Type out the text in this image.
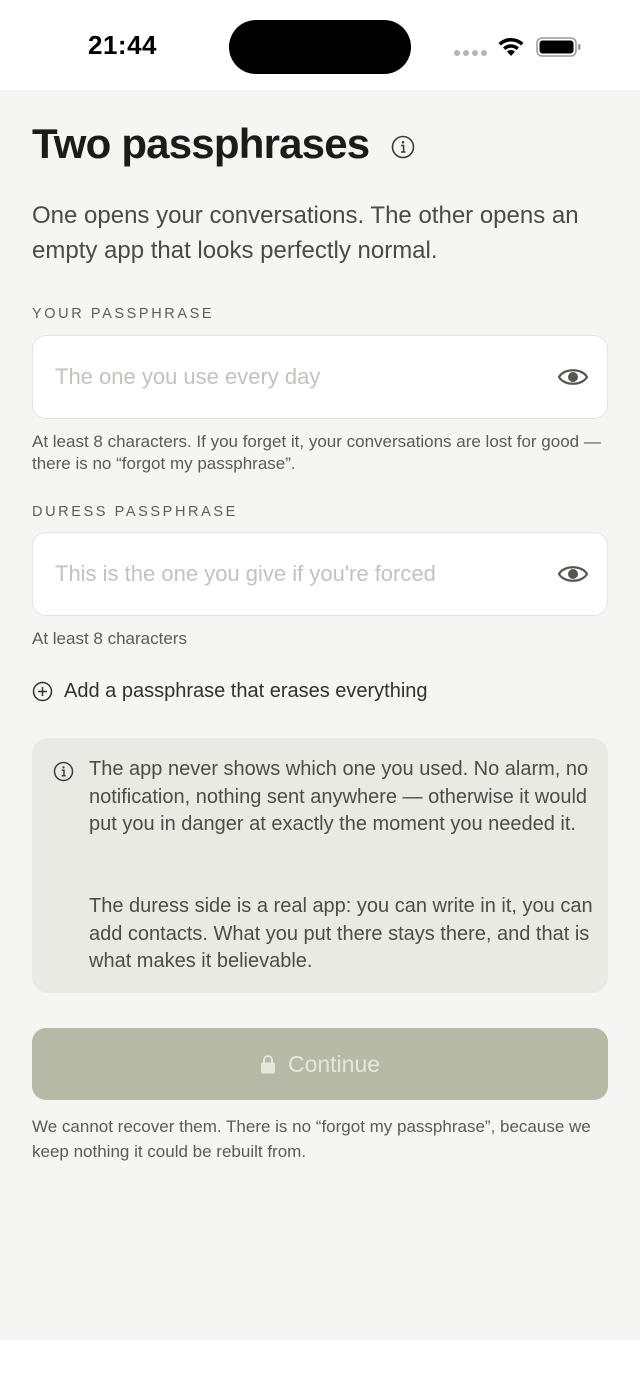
21:44
Two passphrases

One opens your conversations. The other opens an empty app that looks perfectly normal.

YOUR PASSPHRASE

At least 8 characters. If you forget it, your conversations are lost for good — there is no “forgot my passphrase”.

DURESS PASSPHRASE

At least 8 characters

Add a passphrase that erases everything

The app never shows which one you used. No alarm, no notification, nothing sent anywhere — otherwise it would put you in danger at exactly the moment you needed it.

The duress side is a real app: you can write in it, you can add contacts. What you put there stays there, and that is what makes it believable.

Continue

We cannot recover them. There is no “forgot my passphrase”, because we keep nothing it could be rebuilt from.
